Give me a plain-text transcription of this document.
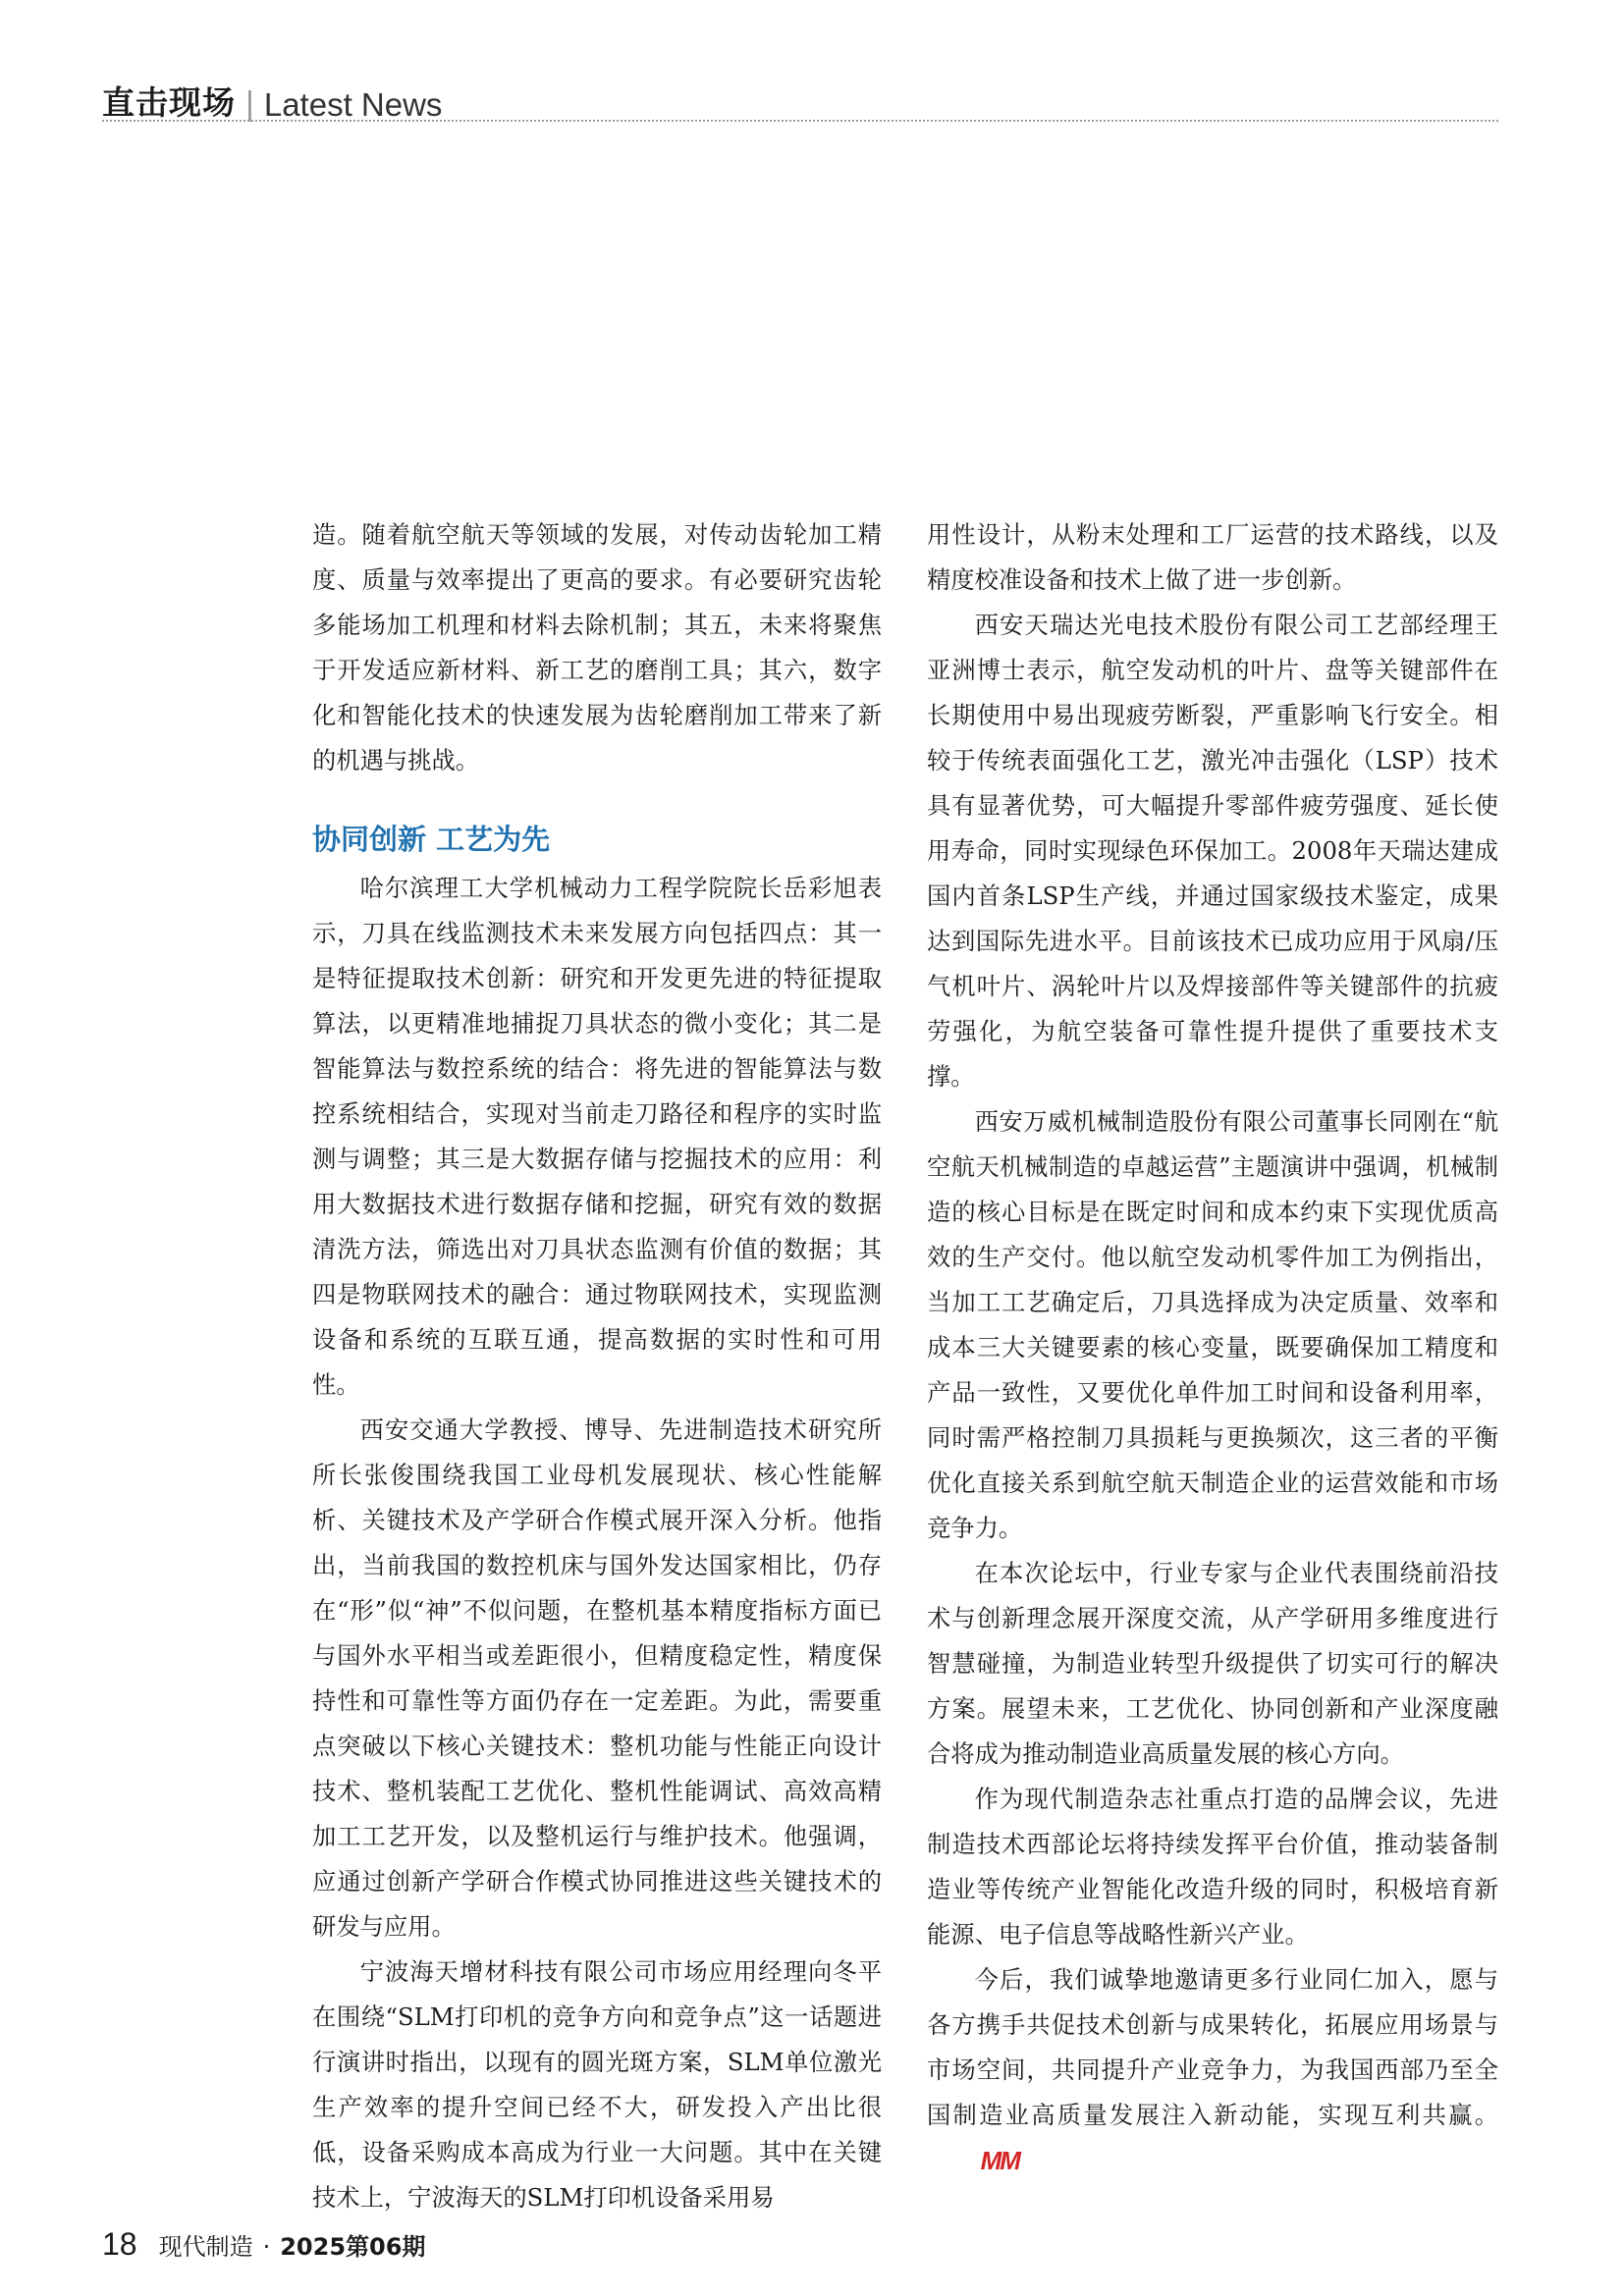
直击现场 | Latest News

造。随着航空航天等领域的发展，对传动齿轮加工精度、质量与效率提出了更高的要求。有必要研究齿轮多能场加工机理和材料去除机制；其五，未来将聚焦于开发适应新材料、新工艺的磨削工具；其六，数字化和智能化技术的快速发展为齿轮磨削加工带来了新的机遇与挑战。

协同创新 工艺为先

哈尔滨理工大学机械动力工程学院院长岳彩旭表示，刀具在线监测技术未来发展方向包括四点：其一是特征提取技术创新：研究和开发更先进的特征提取算法，以更精准地捕捉刀具状态的微小变化；其二是智能算法与数控系统的结合：将先进的智能算法与数控系统相结合，实现对当前走刀路径和程序的实时监测与调整；其三是大数据存储与挖掘技术的应用：利用大数据技术进行数据存储和挖掘，研究有效的数据清洗方法，筛选出对刀具状态监测有价值的数据；其四是物联网技术的融合：通过物联网技术，实现监测设备和系统的互联互通，提高数据的实时性和可用性。

西安交通大学教授、博导、先进制造技术研究所所长张俊围绕我国工业母机发展现状、核心性能解析、关键技术及产学研合作模式展开深入分析。他指出，当前我国的数控机床与国外发达国家相比，仍存在“形”似“神”不似问题，在整机基本精度指标方面已与国外水平相当或差距很小，但精度稳定性，精度保持性和可靠性等方面仍存在一定差距。为此，需要重点突破以下核心关键技术：整机功能与性能正向设计技术、整机装配工艺优化、整机性能调试、高效高精加工工艺开发，以及整机运行与维护技术。他强调，应通过创新产学研合作模式协同推进这些关键技术的研发与应用。

宁波海天增材科技有限公司市场应用经理向冬平在围绕“SLM打印机的竞争方向和竞争点”这一话题进行演讲时指出，以现有的圆光斑方案，SLM单位激光生产效率的提升空间已经不大，研发投入产出比很低，设备采购成本高成为行业一大问题。其中在关键技术上，宁波海天的SLM打印机设备采用易

用性设计，从粉末处理和工厂运营的技术路线，以及精度校准设备和技术上做了进一步创新。

西安天瑞达光电技术股份有限公司工艺部经理王亚洲博士表示，航空发动机的叶片、盘等关键部件在长期使用中易出现疲劳断裂，严重影响飞行安全。相较于传统表面强化工艺，激光冲击强化（LSP）技术具有显著优势，可大幅提升零部件疲劳强度、延长使用寿命，同时实现绿色环保加工。2008年天瑞达建成国内首条LSP生产线，并通过国家级技术鉴定，成果达到国际先进水平。目前该技术已成功应用于风扇/压气机叶片、涡轮叶片以及焊接部件等关键部件的抗疲劳强化，为航空装备可靠性提升提供了重要技术支撑。

西安万威机械制造股份有限公司董事长同刚在“航空航天机械制造的卓越运营”主题演讲中强调，机械制造的核心目标是在既定时间和成本约束下实现优质高效的生产交付。他以航空发动机零件加工为例指出，当加工工艺确定后，刀具选择成为决定质量、效率和成本三大关键要素的核心变量，既要确保加工精度和产品一致性，又要优化单件加工时间和设备利用率，同时需严格控制刀具损耗与更换频次，这三者的平衡优化直接关系到航空航天制造企业的运营效能和市场竞争力。

在本次论坛中，行业专家与企业代表围绕前沿技术与创新理念展开深度交流，从产学研用多维度进行智慧碰撞，为制造业转型升级提供了切实可行的解决方案。展望未来，工艺优化、协同创新和产业深度融合将成为推动制造业高质量发展的核心方向。

作为现代制造杂志社重点打造的品牌会议，先进制造技术西部论坛将持续发挥平台价值，推动装备制造业等传统产业智能化改造升级的同时，积极培育新能源、电子信息等战略性新兴产业。

今后，我们诚挚地邀请更多行业同仁加入，愿与各方携手共促技术创新与成果转化，拓展应用场景与市场空间，共同提升产业竞争力，为我国西部乃至全国制造业高质量发展注入新动能，实现互利共赢。MM

18 现代制造 · 2025第06期
